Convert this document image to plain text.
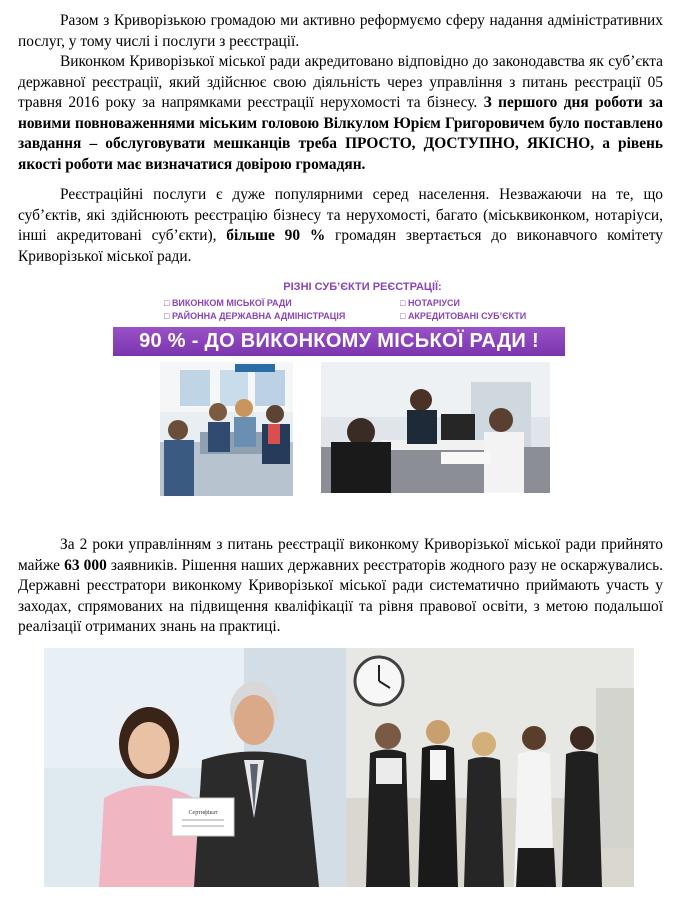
Разом з Криворізькою громадою ми активно реформуємо сферу надання адміністративних послуг, у тому числі і послуги з реєстрації.

Виконком Криворізької міської ради акредитовано відповідно до законодавства як суб’єкта державної реєстрації, який здійснює свою діяльність через управління з питань реєстрації 05 травня 2016 року за напрямками реєстрації нерухомості та бізнесу. З першого дня роботи за новими повноваженнями міським головою Вілкулом Юрієм Григоровичем було поставлено завдання – обслуговувати мешканців треба ПРОСТО, ДОСТУПНО, ЯКІСНО, а рівень якості роботи має визначатися довірою громадян.

Реєстраційні послуги є дуже популярними серед населення. Незважаючи на те, що суб’єктів, які здійснюють реєстрацію бізнесу та нерухомості, багато (міськвиконком, нотаріуси, інші акредитовані суб’єкти), більше 90 % громадян звертається до виконавчого комітету Криворізької міської ради.

РІЗНІ СУБ’ЄКТИ РЕЄСТРАЦІЇ:
□ ВИКОНКОМ МІСЬКОЇ РАДИ
□ РАЙОННА ДЕРЖАВНА АДМІНІСТРАЦІЯ
□ НОТАРІУСИ
□ АКРЕДИТОВАНІ СУБ’ЄКТИ
90 % - ДО ВИКОНКОМУ МІСЬКОЇ РАДИ !

За 2 роки управлінням з питань реєстрації виконкому Криворізької міської ради прийнято майже 63 000 заявників. Рішення наших державних реєстраторів жодного разу не оскаржувались. Державні реєстратори виконкому Криворізької міської ради систематично приймають участь у заходах, спрямованих на підвищення кваліфікації та рівня правової освіти, з метою подальшої реалізації отриманих знань на практиці.

Сертифікат
